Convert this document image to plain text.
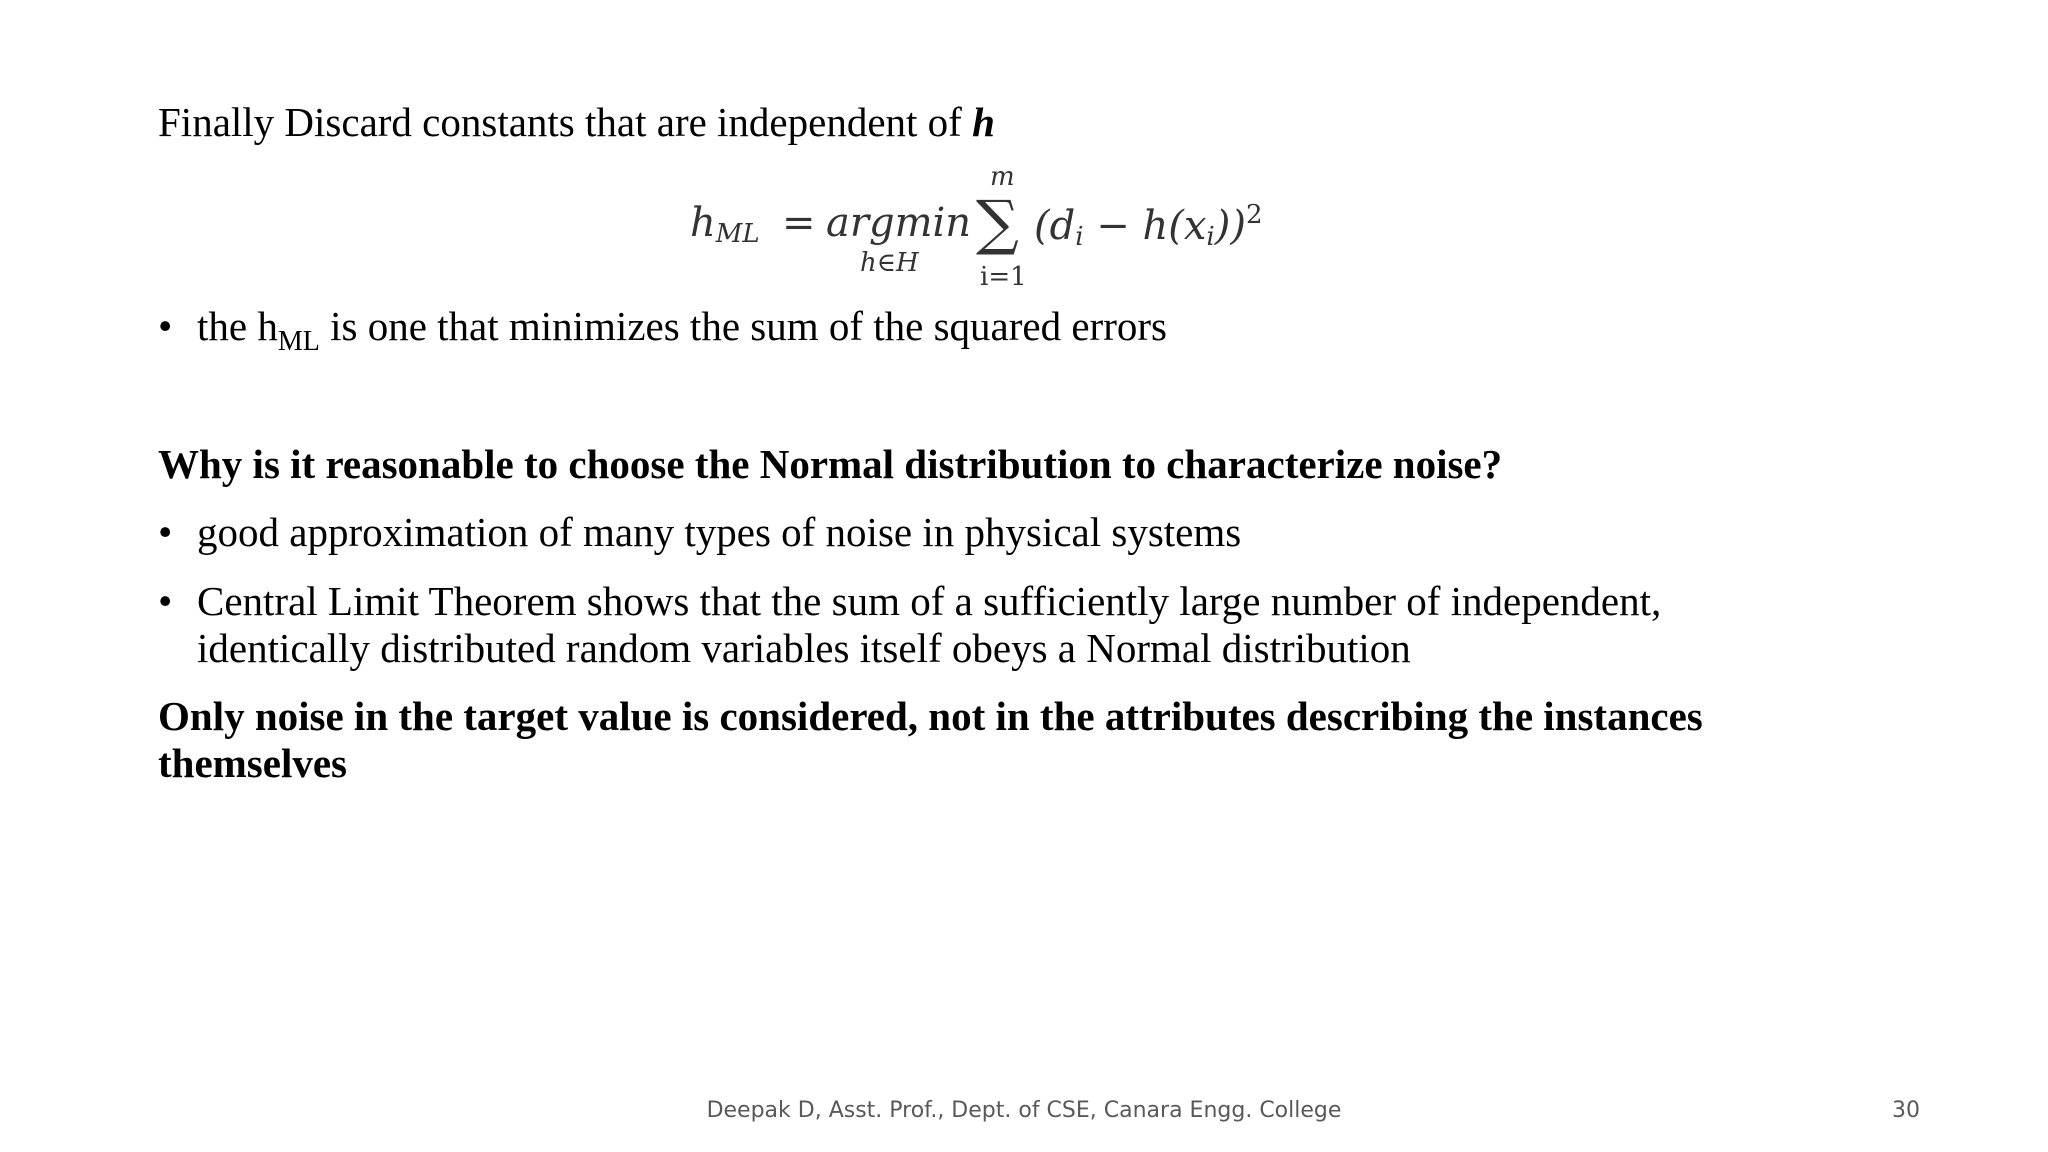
Finally Discard constants that are independent of h
$h_{ML} = argmin$
h∈H
m
∑
i=1
$(d_i - h(x_i))^2$
• the $h_{ML}$ is one that minimizes the sum of the squared errors
Why is it reasonable to choose the Normal distribution to characterize noise?
• good approximation of many types of noise in physical systems
• Central Limit Theorem shows that the sum of a sufficiently large number of independent,
identically distributed random variables itself obeys a Normal distribution
Only noise in the target value is considered, not in the attributes describing the instances
themselves
Deepak D, Asst. Prof., Dept. of CSE, Canara Engg. College	30
